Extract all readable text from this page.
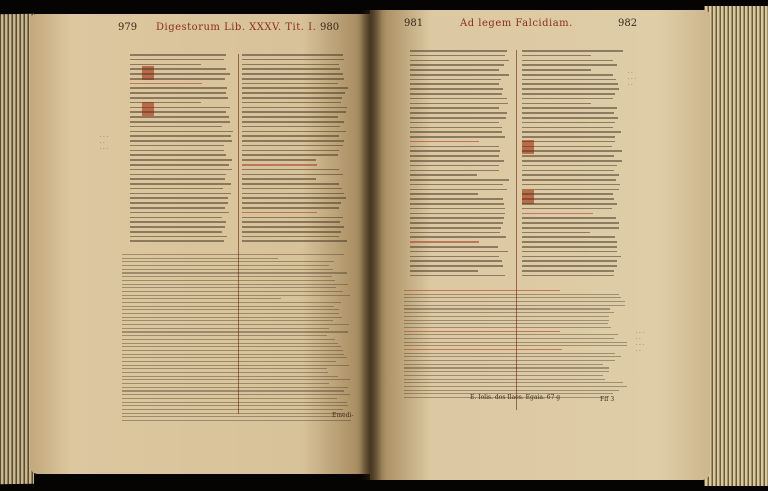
979 Digestorum Lib. XXXV. Tit. I. 980
· · ·
· ·
· · ·
Emedi-
981	Ad legem Falcidiam.	982
· ·
· · ·
· ·
· · ·
· ·
· · ·
· ·
E. Iolis. dos Ilaes. Egaia. 67 g	Fff 3
